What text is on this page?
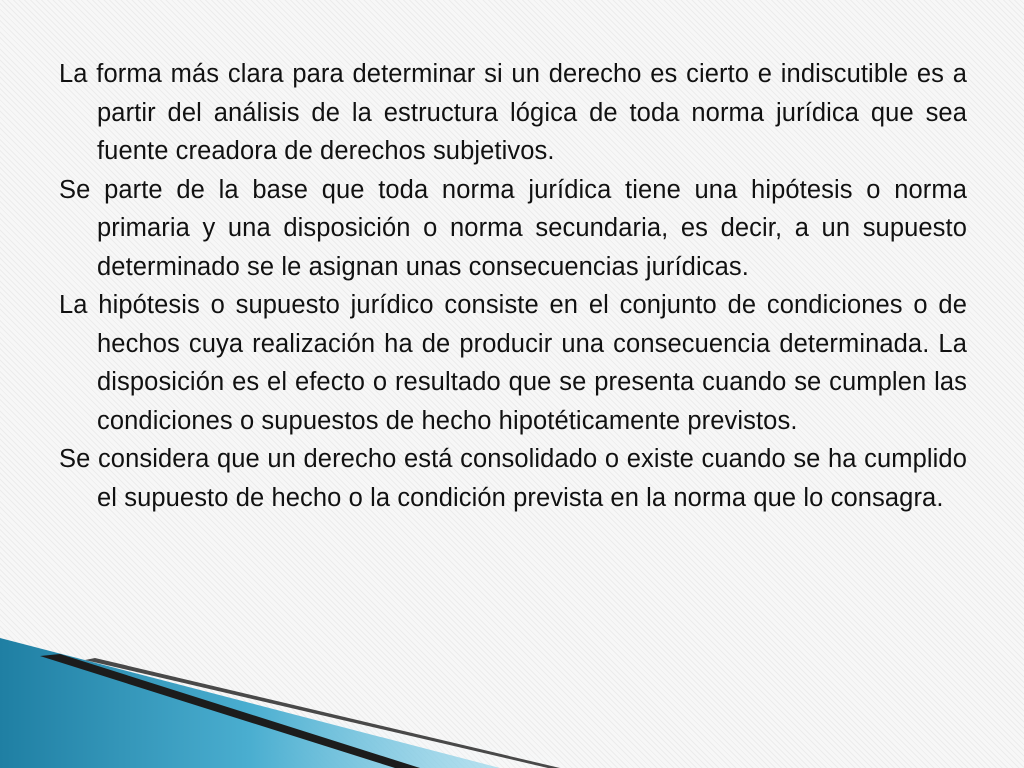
La forma más clara para determinar si un derecho es cierto e indiscutible es a partir del análisis de la estructura lógica de toda norma jurídica que sea fuente creadora de derechos subjetivos.

Se parte de la base que toda norma jurídica tiene una hipótesis o norma primaria y una disposición o norma secundaria, es decir, a un supuesto determinado se le asignan unas consecuencias jurídicas.

La hipótesis o supuesto jurídico consiste en el conjunto de condiciones o de hechos cuya realización ha de producir una consecuencia determinada. La disposición es el efecto o resultado que se presenta cuando se cumplen las condiciones o supuestos de hecho hipotéticamente previstos.

Se considera que un derecho está consolidado o existe cuando se ha cumplido el supuesto de hecho o la condición prevista en la norma que lo consagra.
